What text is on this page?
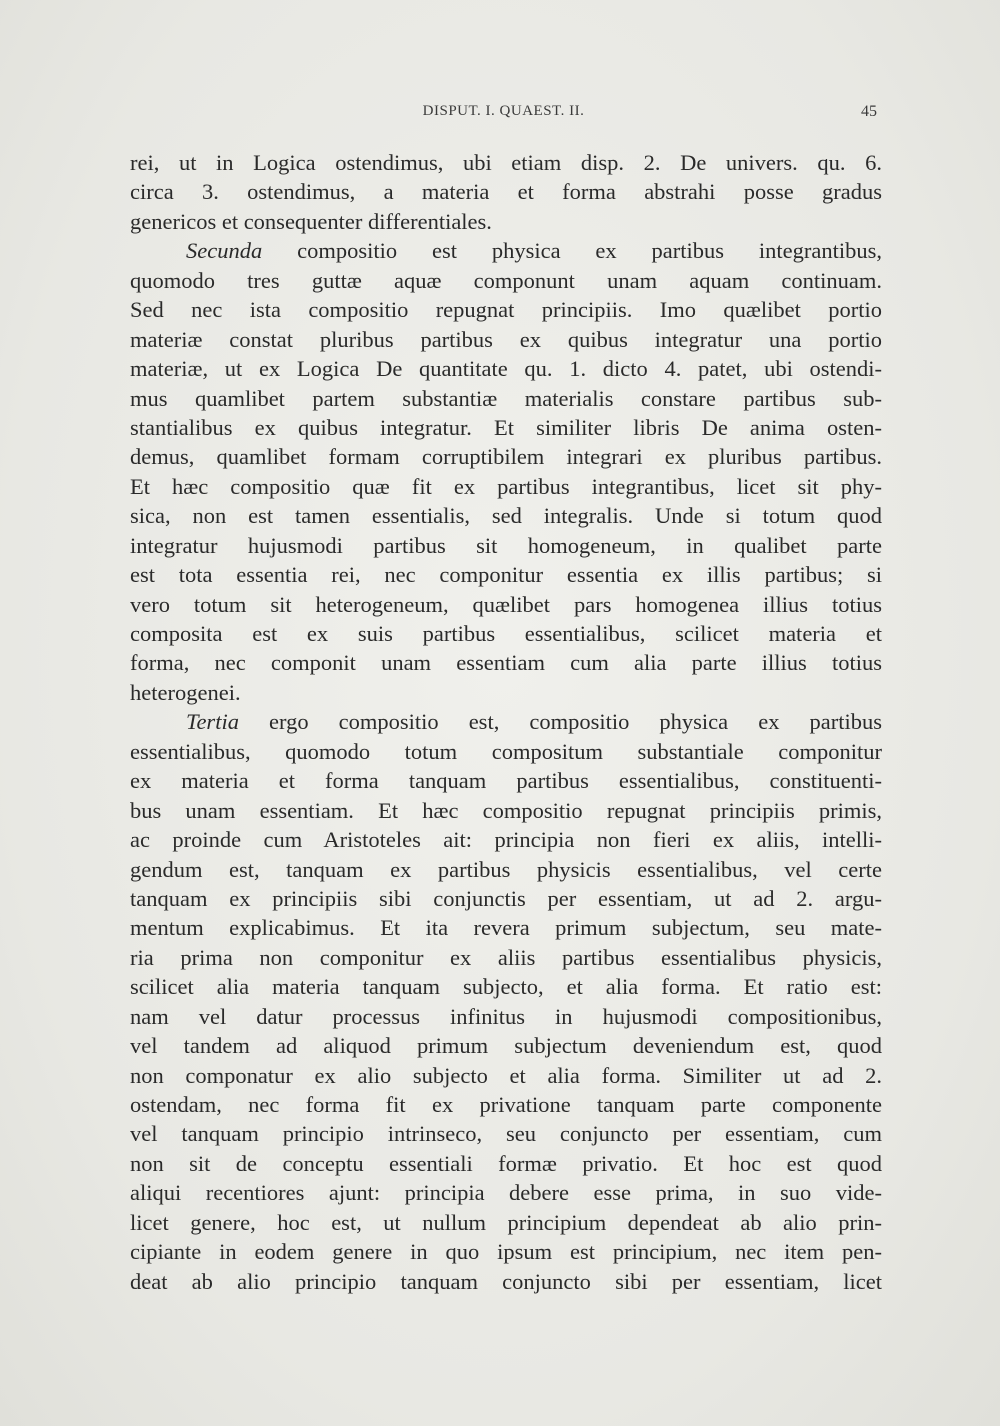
DISPUT. I. QUAEST. II.	45
rei, ut in Logica ostendimus, ubi etiam disp. 2. De univers. qu. 6.
circa 3. ostendimus, a materia et forma abstrahi posse gradus
genericos et consequenter differentiales.
Secunda compositio est physica ex partibus integrantibus,
quomodo tres guttæ aquæ componunt unam aquam continuam.
Sed nec ista compositio repugnat principiis. Imo quælibet portio
materiæ constat pluribus partibus ex quibus integratur una portio
materiæ, ut ex Logica De quantitate qu. 1. dicto 4. patet, ubi ostendi-
mus quamlibet partem substantiæ materialis constare partibus sub-
stantialibus ex quibus integratur. Et similiter libris De anima osten-
demus, quamlibet formam corruptibilem integrari ex pluribus partibus.
Et hæc compositio quæ fit ex partibus integrantibus, licet sit phy-
sica, non est tamen essentialis, sed integralis. Unde si totum quod
integratur hujusmodi partibus sit homogeneum, in qualibet parte
est tota essentia rei, nec componitur essentia ex illis partibus; si
vero totum sit heterogeneum, quælibet pars homogenea illius totius
composita est ex suis partibus essentialibus, scilicet materia et
forma, nec componit unam essentiam cum alia parte illius totius
heterogenei.
Tertia ergo compositio est, compositio physica ex partibus
essentialibus, quomodo totum compositum substantiale componitur
ex materia et forma tanquam partibus essentialibus, constituenti-
bus unam essentiam. Et hæc compositio repugnat principiis primis,
ac proinde cum Aristoteles ait: principia non fieri ex aliis, intelli-
gendum est, tanquam ex partibus physicis essentialibus, vel certe
tanquam ex principiis sibi conjunctis per essentiam, ut ad 2. argu-
mentum explicabimus. Et ita revera primum subjectum, seu mate-
ria prima non componitur ex aliis partibus essentialibus physicis,
scilicet alia materia tanquam subjecto, et alia forma. Et ratio est:
nam vel datur processus infinitus in hujusmodi compositionibus,
vel tandem ad aliquod primum subjectum deveniendum est, quod
non componatur ex alio subjecto et alia forma. Similiter ut ad 2.
ostendam, nec forma fit ex privatione tanquam parte componente
vel tanquam principio intrinseco, seu conjuncto per essentiam, cum
non sit de conceptu essentiali formæ privatio. Et hoc est quod
aliqui recentiores ajunt: principia debere esse prima, in suo vide-
licet genere, hoc est, ut nullum principium dependeat ab alio prin-
cipiante in eodem genere in quo ipsum est principium, nec item pen-
deat ab alio principio tanquam conjuncto sibi per essentiam, licet
